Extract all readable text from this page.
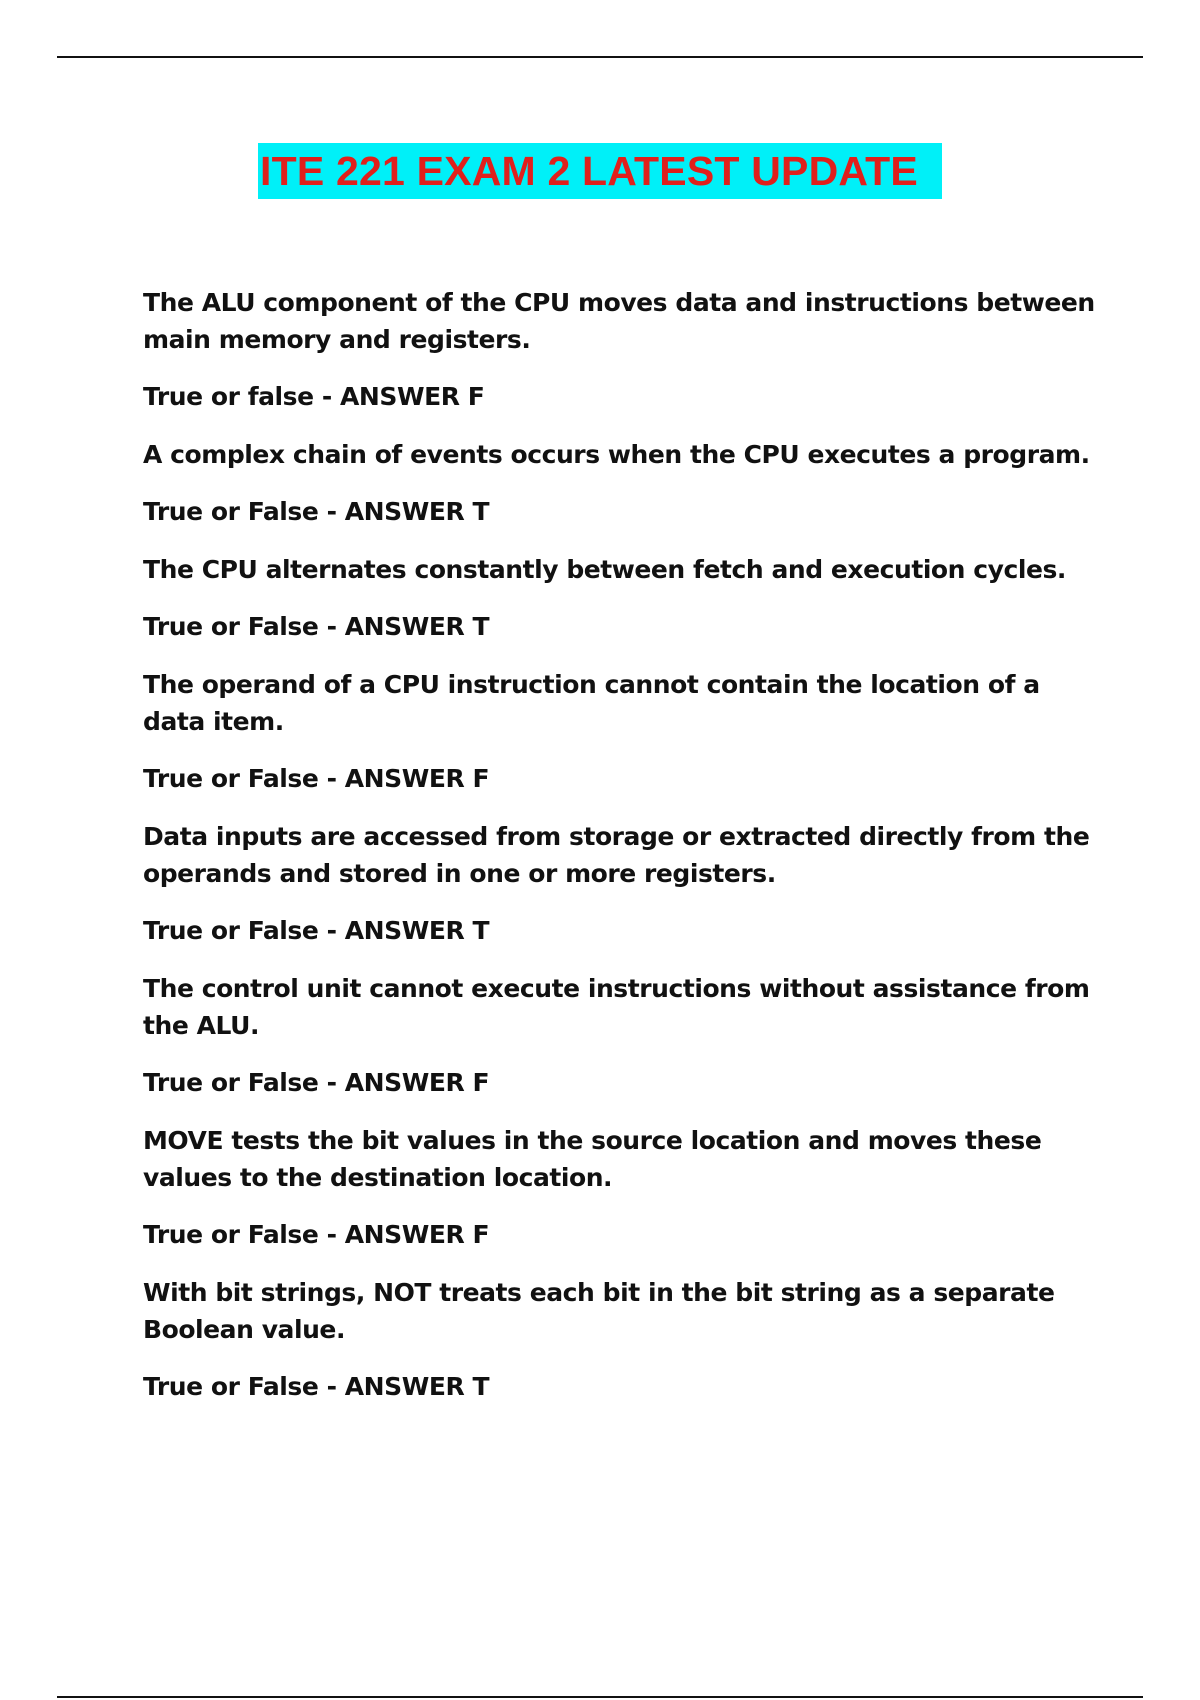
ITE 221 EXAM 2 LATEST UPDATE

The ALU component of the CPU moves data and instructions between main memory and registers.

True or false - ANSWER F

A complex chain of events occurs when the CPU executes a program.

True or False - ANSWER T

The CPU alternates constantly between fetch and execution cycles.

True or False - ANSWER T

The operand of a CPU instruction cannot contain the location of a data item.

True or False - ANSWER F

Data inputs are accessed from storage or extracted directly from the operands and stored in one or more registers.

True or False - ANSWER T

The control unit cannot execute instructions without assistance from the ALU.

True or False - ANSWER F

MOVE tests the bit values in the source location and moves these values to the destination location.

True or False - ANSWER F

With bit strings, NOT treats each bit in the bit string as a separate Boolean value.

True or False - ANSWER T
